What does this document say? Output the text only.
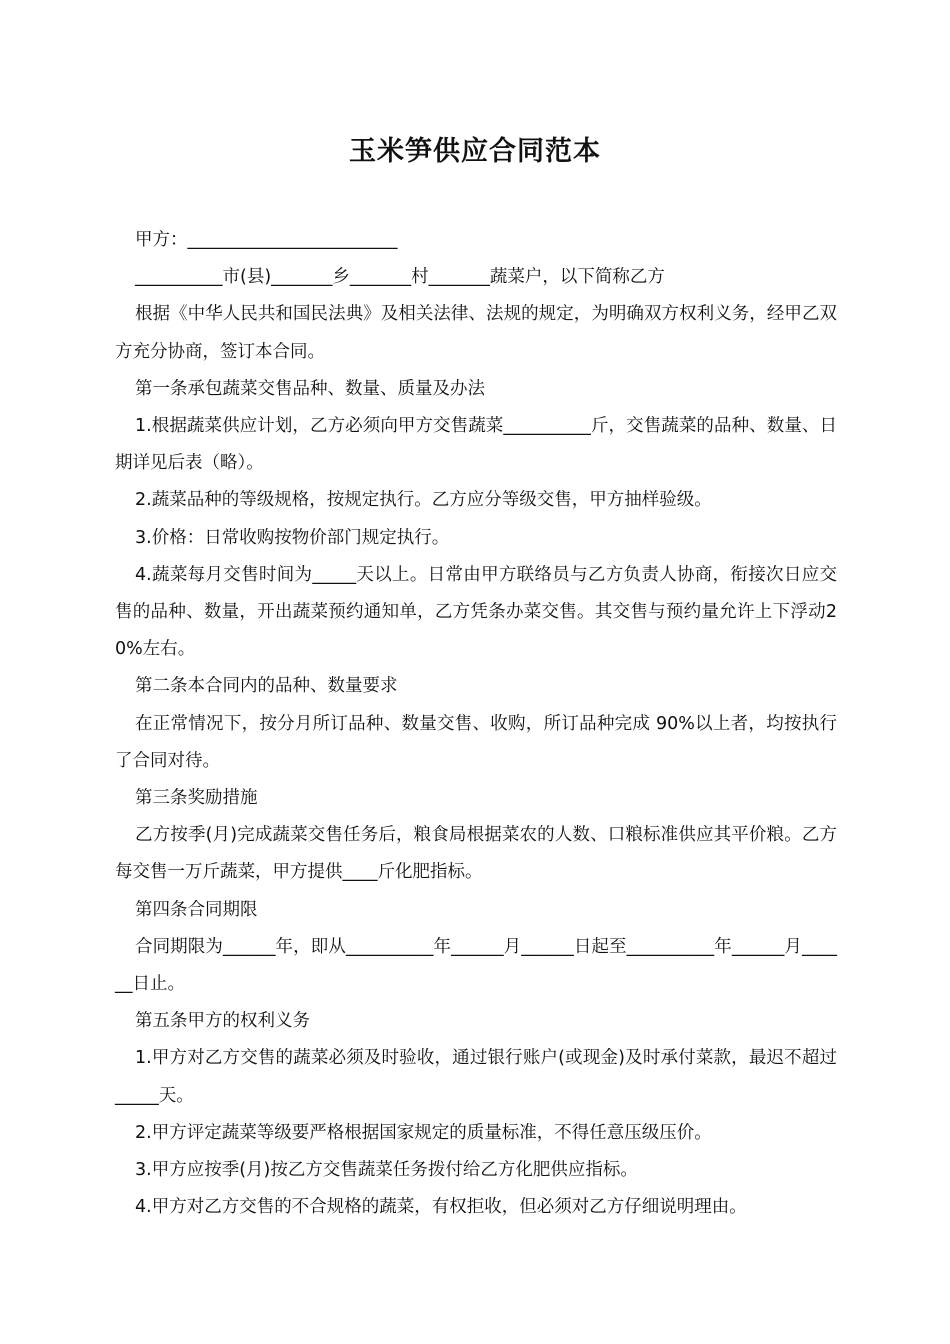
玉米笋供应合同范本

甲方：________________________

__________市(县)_______乡_______村_______蔬菜户，以下简称乙方

根据《中华人民共和国民法典》及相关法律、法规的规定，为明确双方权利义务，经甲乙双方充分协商，签订本合同。

第一条承包蔬菜交售品种、数量、质量及办法

1.根据蔬菜供应计划，乙方必须向甲方交售蔬菜__________斤，交售蔬菜的品种、数量、日期详见后表（略）。

2.蔬菜品种的等级规格，按规定执行。乙方应分等级交售，甲方抽样验级。

3.价格：日常收购按物价部门规定执行。

4.蔬菜每月交售时间为_____天以上。日常由甲方联络员与乙方负责人协商，衔接次日应交售的品种、数量，开出蔬菜预约通知单，乙方凭条办菜交售。其交售与预约量允许上下浮动20%左右。

第二条本合同内的品种、数量要求

在正常情况下，按分月所订品种、数量交售、收购，所订品种完成 90%以上者，均按执行了合同对待。

第三条奖励措施

乙方按季(月)完成蔬菜交售任务后，粮食局根据菜农的人数、口粮标准供应其平价粮。乙方每交售一万斤蔬菜，甲方提供____斤化肥指标。

第四条合同期限

合同期限为______年，即从__________年______月______日起至__________年______月______日止。

第五条甲方的权利义务

1.甲方对乙方交售的蔬菜必须及时验收，通过银行账户(或现金)及时承付菜款，最迟不超过_____天。

2.甲方评定蔬菜等级要严格根据国家规定的质量标准，不得任意压级压价。

3.甲方应按季(月)按乙方交售蔬菜任务拨付给乙方化肥供应指标。

4.甲方对乙方交售的不合规格的蔬菜，有权拒收，但必须对乙方仔细说明理由。
